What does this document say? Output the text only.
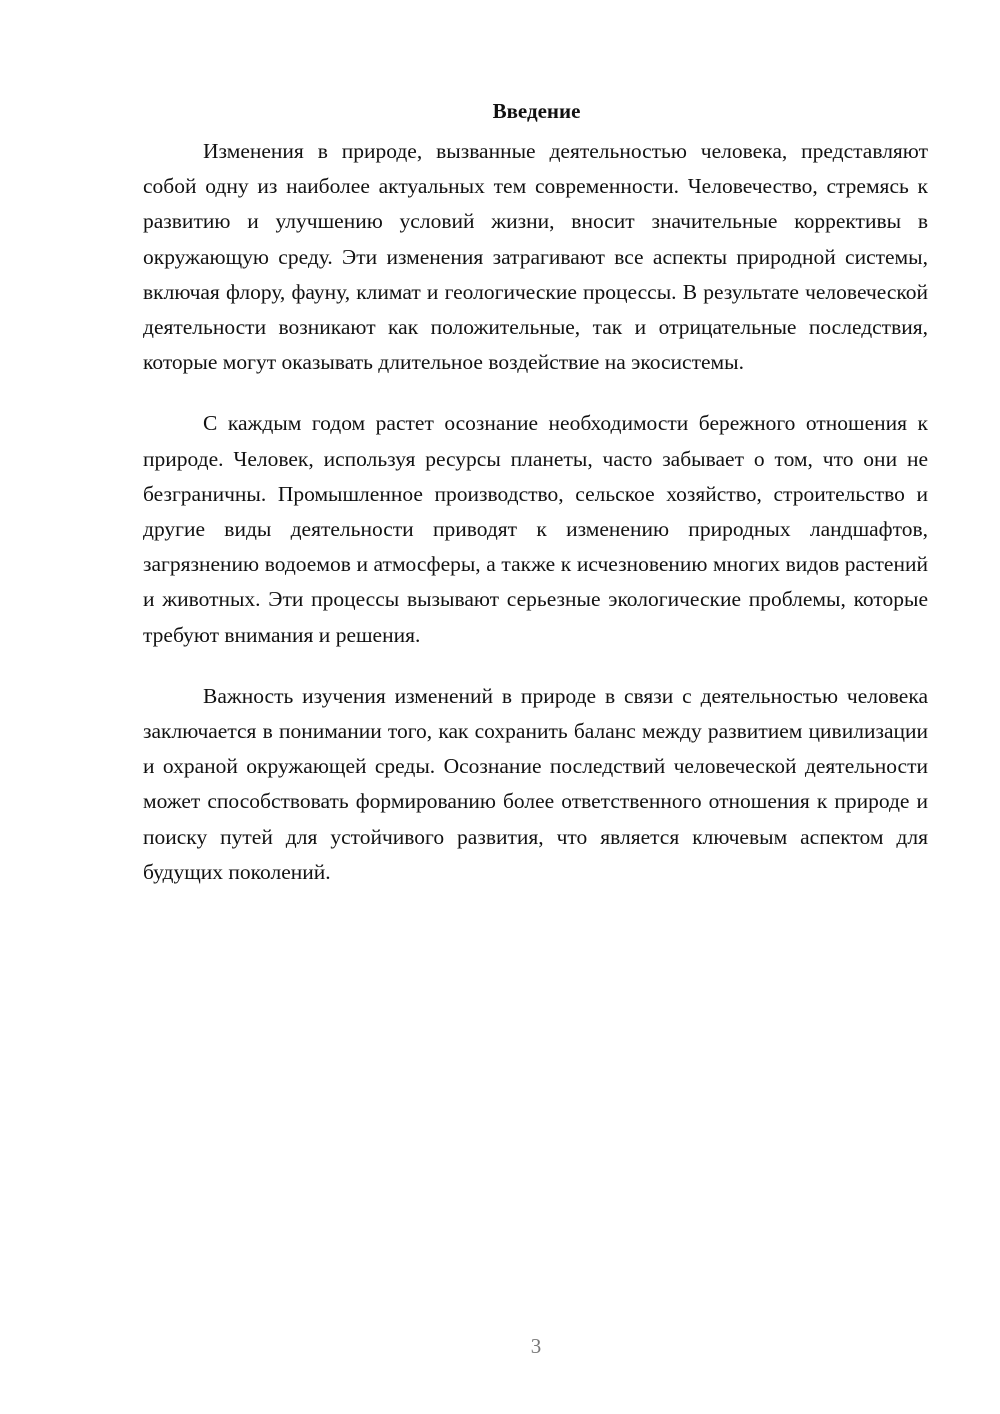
Введение

Изменения в природе, вызванные деятельностью человека, представляют собой одну из наиболее актуальных тем современности. Человечество, стремясь к развитию и улучшению условий жизни, вносит значительные коррективы в окружающую среду. Эти изменения затрагивают все аспекты природной системы, включая флору, фауну, климат и геологические процессы. В результате человеческой деятельности возникают как положительные, так и отрицательные последствия, которые могут оказывать длительное воздействие на экосистемы.

С каждым годом растет осознание необходимости бережного отношения к природе. Человек, используя ресурсы планеты, часто забывает о том, что они не безграничны. Промышленное производство, сельское хозяйство, строительство и другие виды деятельности приводят к изменению природных ландшафтов, загрязнению водоемов и атмосферы, а также к исчезновению многих видов растений и животных. Эти процессы вызывают серьезные экологические проблемы, которые требуют внимания и решения.

Важность изучения изменений в природе в связи с деятельностью человека заключается в понимании того, как сохранить баланс между развитием цивилизации и охраной окружающей среды. Осознание последствий человеческой деятельности может способствовать формированию более ответственного отношения к природе и поиску путей для устойчивого развития, что является ключевым аспектом для будущих поколений.

3
